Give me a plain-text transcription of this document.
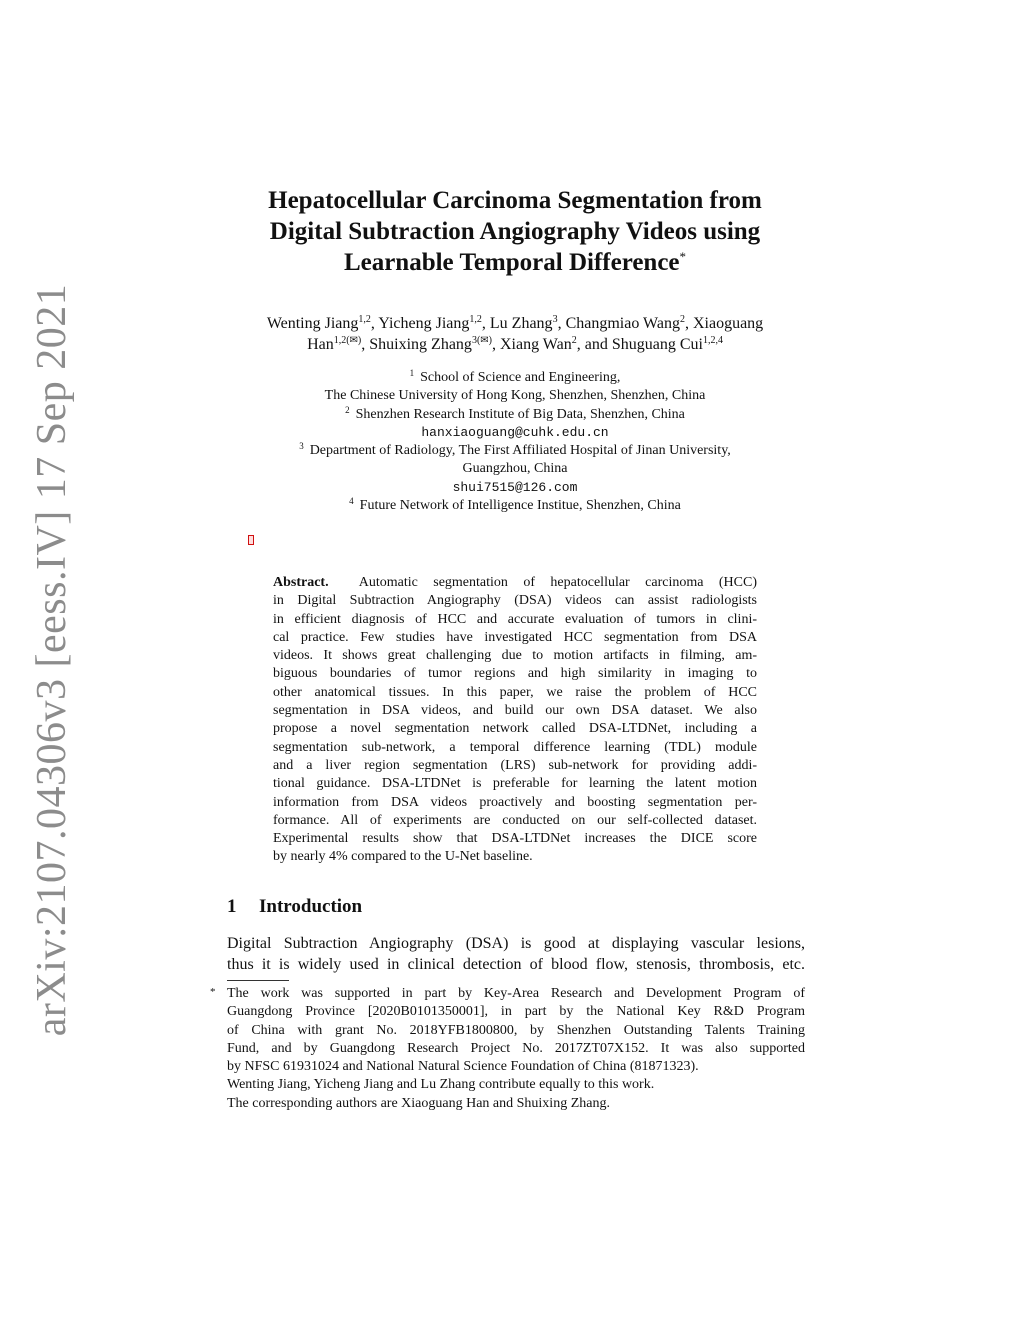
arXiv:2107.04306v3 [eess.IV] 17 Sep 2021
Hepatocellular Carcinoma Segmentation from
Digital Subtraction Angiography Videos using
Learnable Temporal Difference*
Wenting Jiang$^{1,2}$, Yicheng Jiang$^{1,2}$, Lu Zhang$^3$, Changmiao Wang$^2$, Xiaoguang
Han$^{1,2(✉)}$, Shuixing Zhang$^{3(✉)}$, Xiang Wan$^2$, and Shuguang Cui$^{1,2,4}$
$^1$ School of Science and Engineering,
The Chinese University of Hong Kong, Shenzhen, Shenzhen, China
$^2$ Shenzhen Research Institute of Big Data, Shenzhen, China
hanxiaoguang@cuhk.edu.cn
$^3$ Department of Radiology, The First Affiliated Hospital of Jinan University,
Guangzhou, China
shui7515@126.com
$^4$ Future Network of Intelligence Institue, Shenzhen, China
Abstract. Automatic segmentation of hepatocellular carcinoma (HCC)
in Digital Subtraction Angiography (DSA) videos can assist radiologists
in efficient diagnosis of HCC and accurate evaluation of tumors in clini-
cal practice. Few studies have investigated HCC segmentation from DSA
videos. It shows great challenging due to motion artifacts in filming, am-
biguous boundaries of tumor regions and high similarity in imaging to
other anatomical tissues. In this paper, we raise the problem of HCC
segmentation in DSA videos, and build our own DSA dataset. We also
propose a novel segmentation network called DSA-LTDNet, including a
segmentation sub-network, a temporal difference learning (TDL) module
and a liver region segmentation (LRS) sub-network for providing addi-
tional guidance. DSA-LTDNet is preferable for learning the latent motion
information from DSA videos proactively and boosting segmentation per-
formance. All of experiments are conducted on our self-collected dataset.
Experimental results show that DSA-LTDNet increases the DICE score
by nearly 4% compared to the U-Net baseline.
1 Introduction
Digital Subtraction Angiography (DSA) is good at displaying vascular lesions,
thus it is widely used in clinical detection of blood flow, stenosis, thrombosis, etc.
* The work was supported in part by Key-Area Research and Development Program of
Guangdong Province [2020B0101350001], in part by the National Key R&D Program
of China with grant No. 2018YFB1800800, by Shenzhen Outstanding Talents Training
Fund, and by Guangdong Research Project No. 2017ZT07X152. It was also supported
by NFSC 61931024 and National Natural Science Foundation of China (81871323).
Wenting Jiang, Yicheng Jiang and Lu Zhang contribute equally to this work.
The corresponding authors are Xiaoguang Han and Shuixing Zhang.
